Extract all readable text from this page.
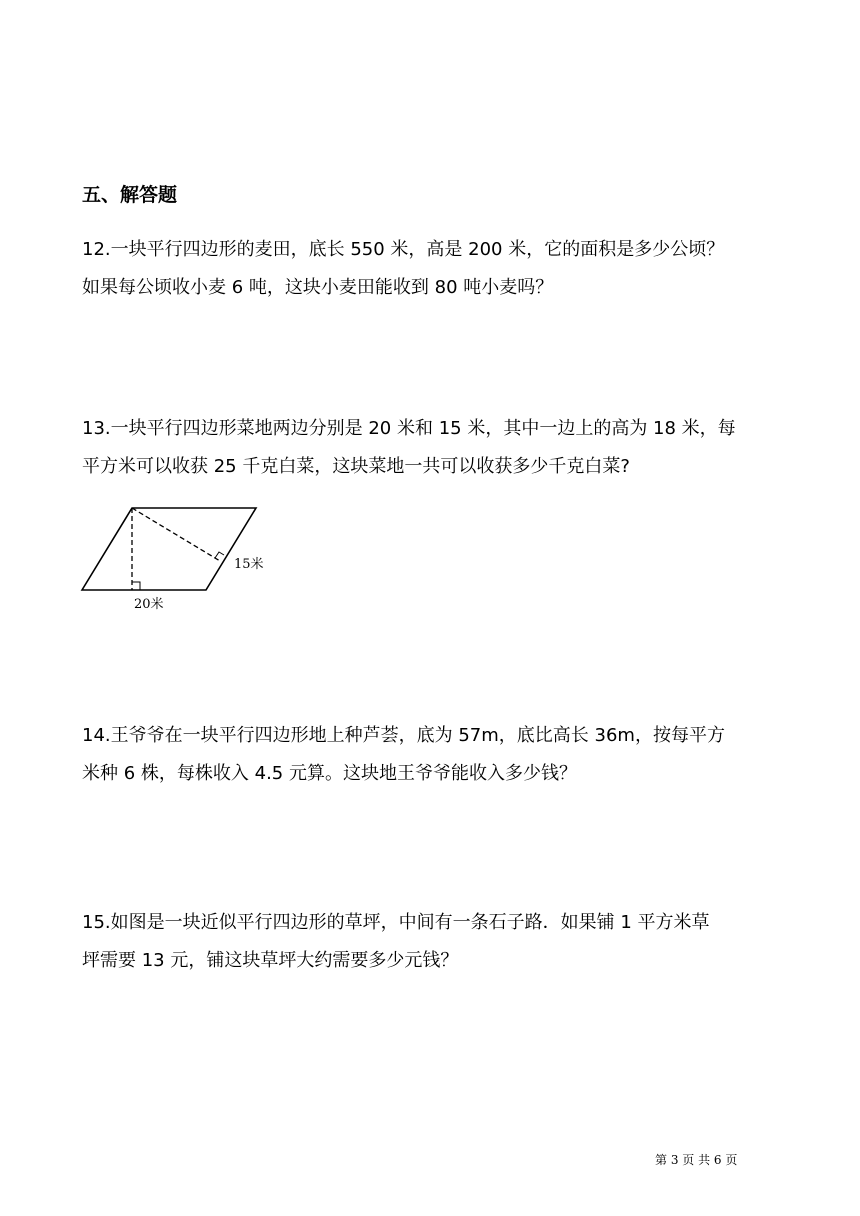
五、解答题
12.一块平行四边形的麦田，底长 550 米，高是 200 米，它的面积是多少公顷？
如果每公顷收小麦 6 吨，这块小麦田能收到 80 吨小麦吗？
13.一块平行四边形菜地两边分别是 20 米和 15 米，其中一边上的高为 18 米，每
平方米可以收获 25 千克白菜，这块菜地一共可以收获多少千克白菜?
15米
20米
14.王爷爷在一块平行四边形地上种芦荟，底为 57m，底比高长 36m，按每平方
米种 6 株，每株收入 4.5 元算。这块地王爷爷能收入多少钱？
15.如图是一块近似平行四边形的草坪，中间有一条石子路．如果铺 1 平方米草
坪需要 13 元，铺这块草坪大约需要多少元钱？
第 3 页 共 6 页
